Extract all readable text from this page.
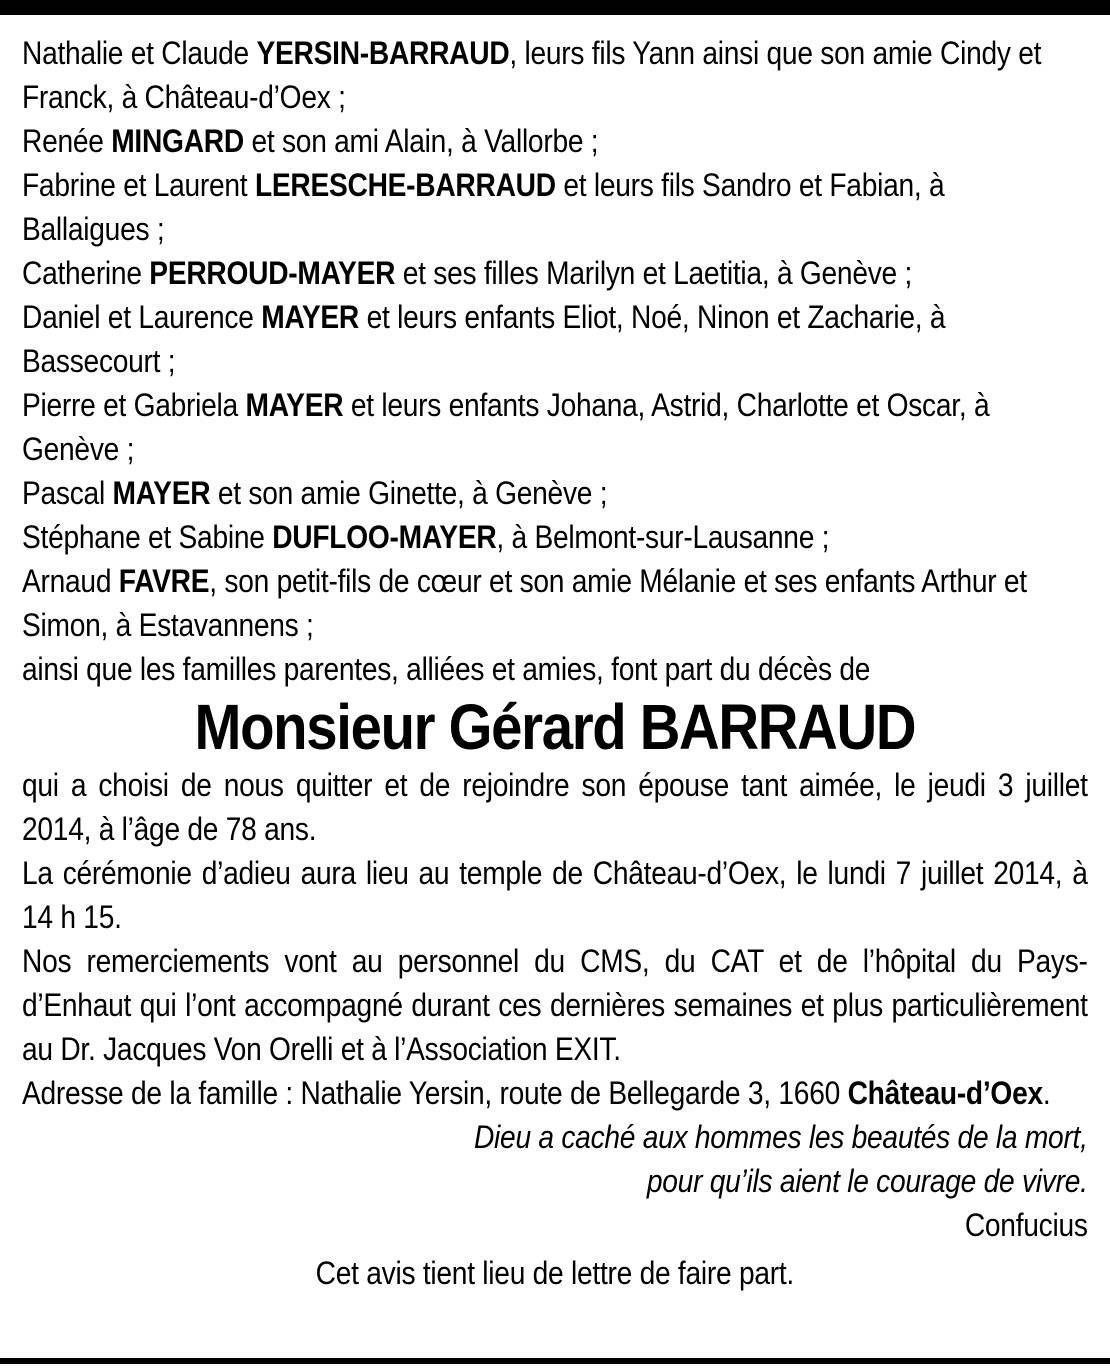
Nathalie et Claude YERSIN-BARRAUD, leurs fils Yann ainsi que son amie Cindy et Franck, à Château-d’Oex ;

Renée MINGARD et son ami Alain, à Vallorbe ;

Fabrine et Laurent LERESCHE-BARRAUD et leurs fils Sandro et Fabian, à Ballaigues ;

Catherine PERROUD-MAYER et ses filles Marilyn et Laetitia, à Genève ;

Daniel et Laurence MAYER et leurs enfants Eliot, Noé, Ninon et Zacharie, à Bassecourt ;

Pierre et Gabriela MAYER et leurs enfants Johana, Astrid, Charlotte et Oscar, à Genève ;

Pascal MAYER et son amie Ginette, à Genève ;

Stéphane et Sabine DUFLOO-MAYER, à Belmont-sur-Lausanne ;

Arnaud FAVRE, son petit-fils de cœur et son amie Mélanie et ses enfants Arthur et Simon, à Estavannens ;

ainsi que les familles parentes, alliées et amies, font part du décès de

Monsieur Gérard BARRAUD

qui a choisi de nous quitter et de rejoindre son épouse tant aimée, le jeudi 3 juillet 2014, à l’âge de 78 ans.

La cérémonie d’adieu aura lieu au temple de Château-d’Oex, le lundi 7 juillet 2014, à 14 h 15.

Nos remerciements vont au personnel du CMS, du CAT et de l’hôpital du Pays-d’Enhaut qui l’ont accompagné durant ces dernières semaines et plus particulièrement au Dr. Jacques Von Orelli et à l’Association EXIT.

Adresse de la famille : Nathalie Yersin, route de Bellegarde 3, 1660 Château-d’Oex.

Dieu a caché aux hommes les beautés de la mort,

pour qu’ils aient le courage de vivre.

Confucius

Cet avis tient lieu de lettre de faire part.
